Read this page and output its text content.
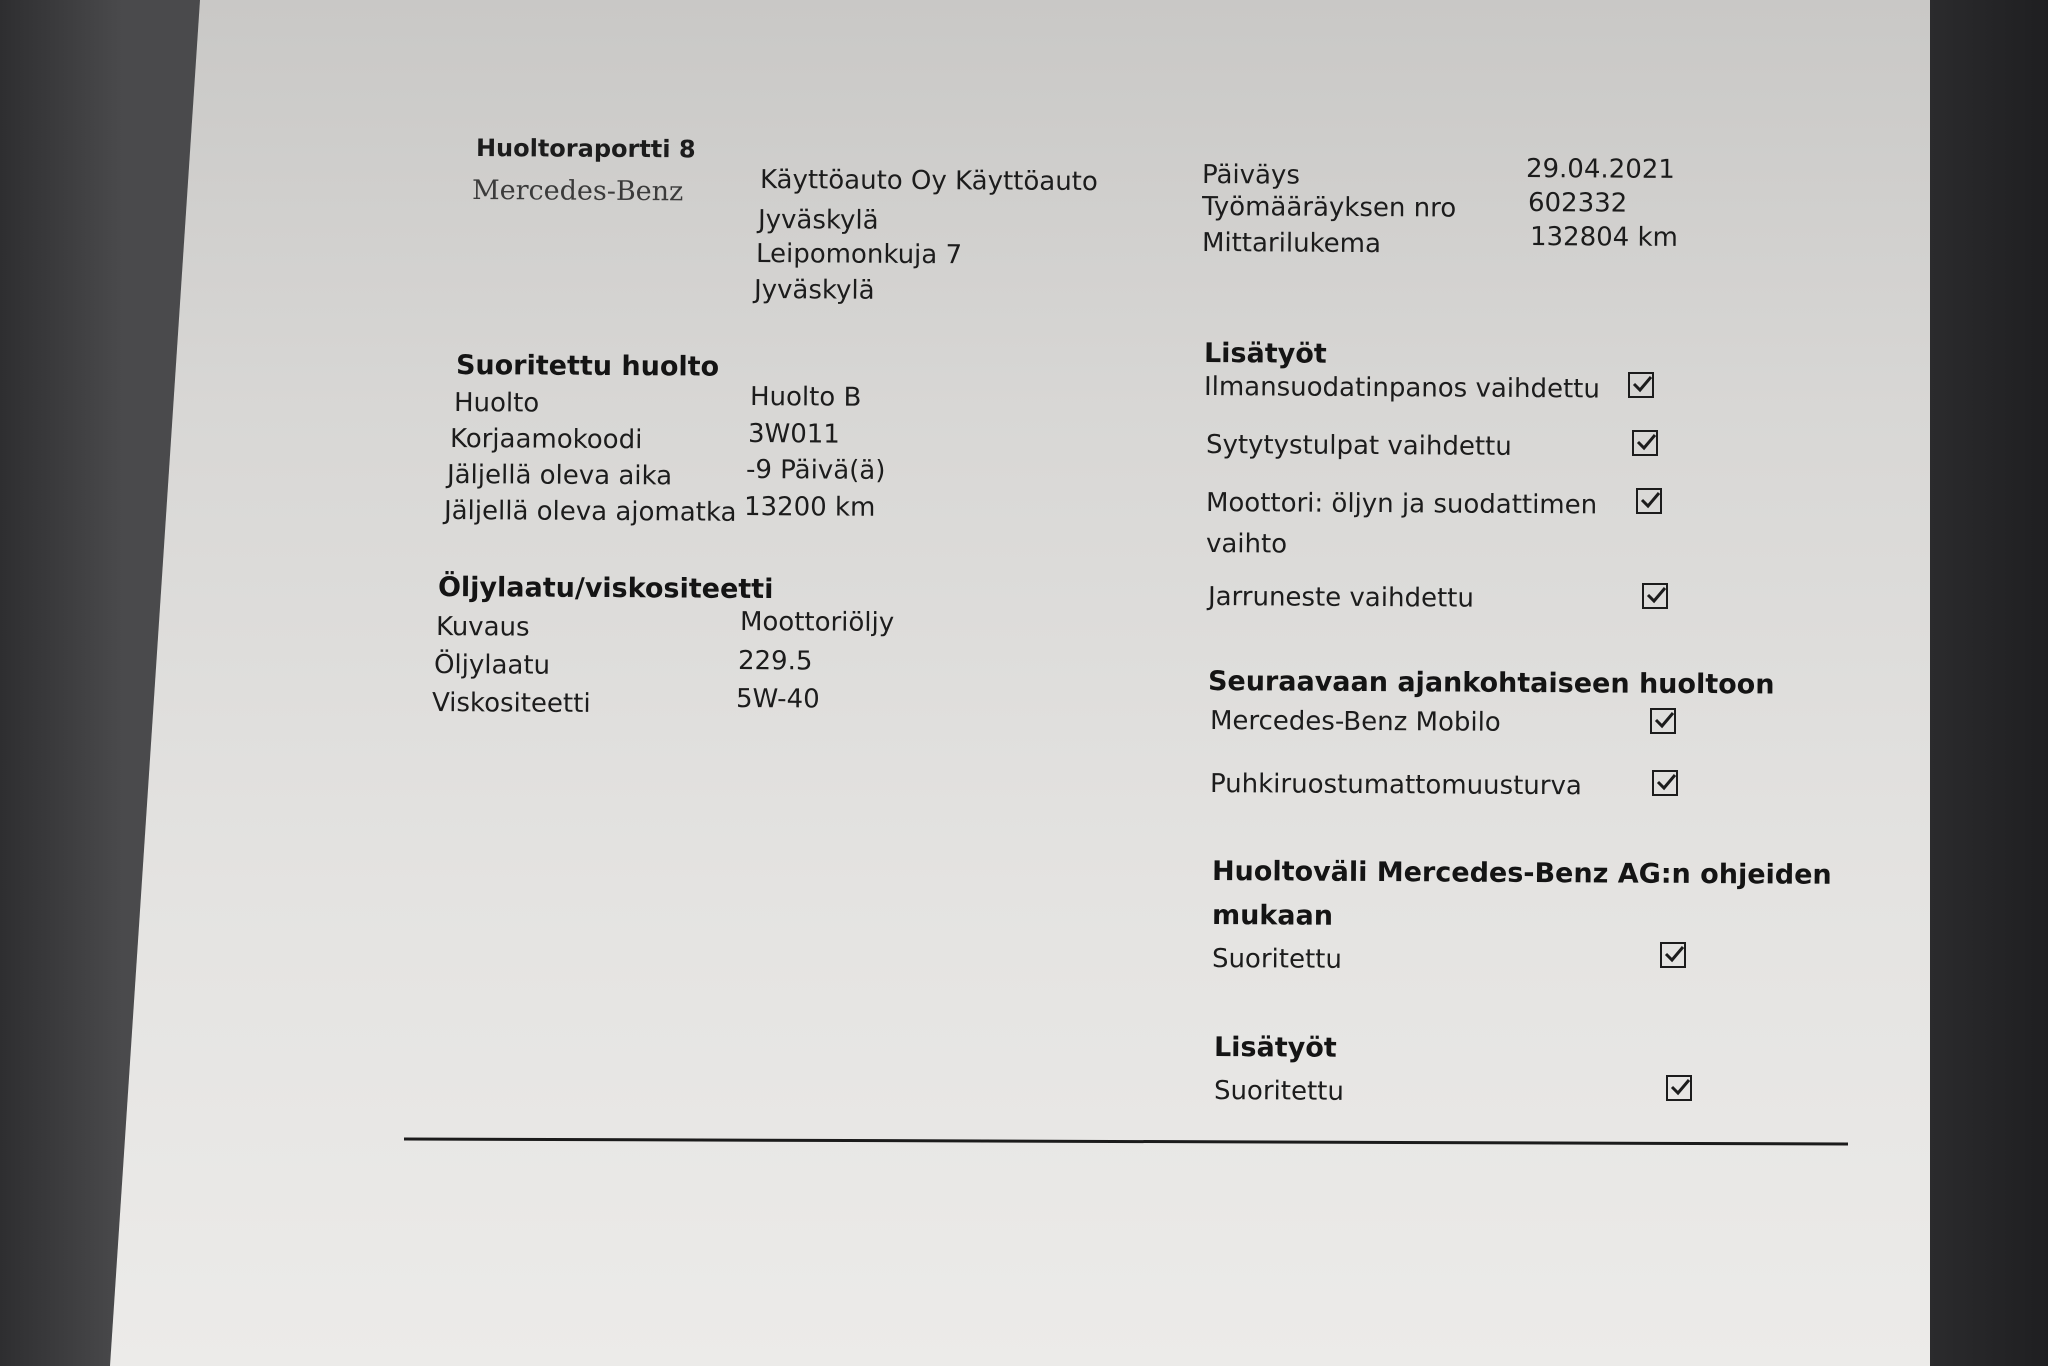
Huoltoraportti 8
Mercedes-Benz	Käyttöauto Oy Käyttöauto
Jyväskylä
Leipomonkuja 7
Jyväskylä
Päiväys	29.04.2021
Työmääräyksen nro	602332
Mittarilukema	132804 km
Suoritettu huolto
Huolto	Huolto B
Korjaamokoodi	3W011
Jäljellä oleva aika	-9 Päivä(ä)
Jäljellä oleva ajomatka 13200 km
Öljylaatu/viskositeetti
Kuvaus	Moottoriöljy
Öljylaatu	229.5
Viskositeetti	5W-40
Lisätyöt
Ilmansuodatinpanos vaihdettu
Sytytystulpat vaihdettu
Moottori: öljyn ja suodattimen
vaihto
Jarruneste vaihdettu
Seuraavaan ajankohtaiseen huoltoon
Mercedes-Benz Mobilo
Puhkiruostumattomuusturva
Huoltoväli Mercedes-Benz AG:n ohjeiden
mukaan
Suoritettu
Lisätyöt
Suoritettu
